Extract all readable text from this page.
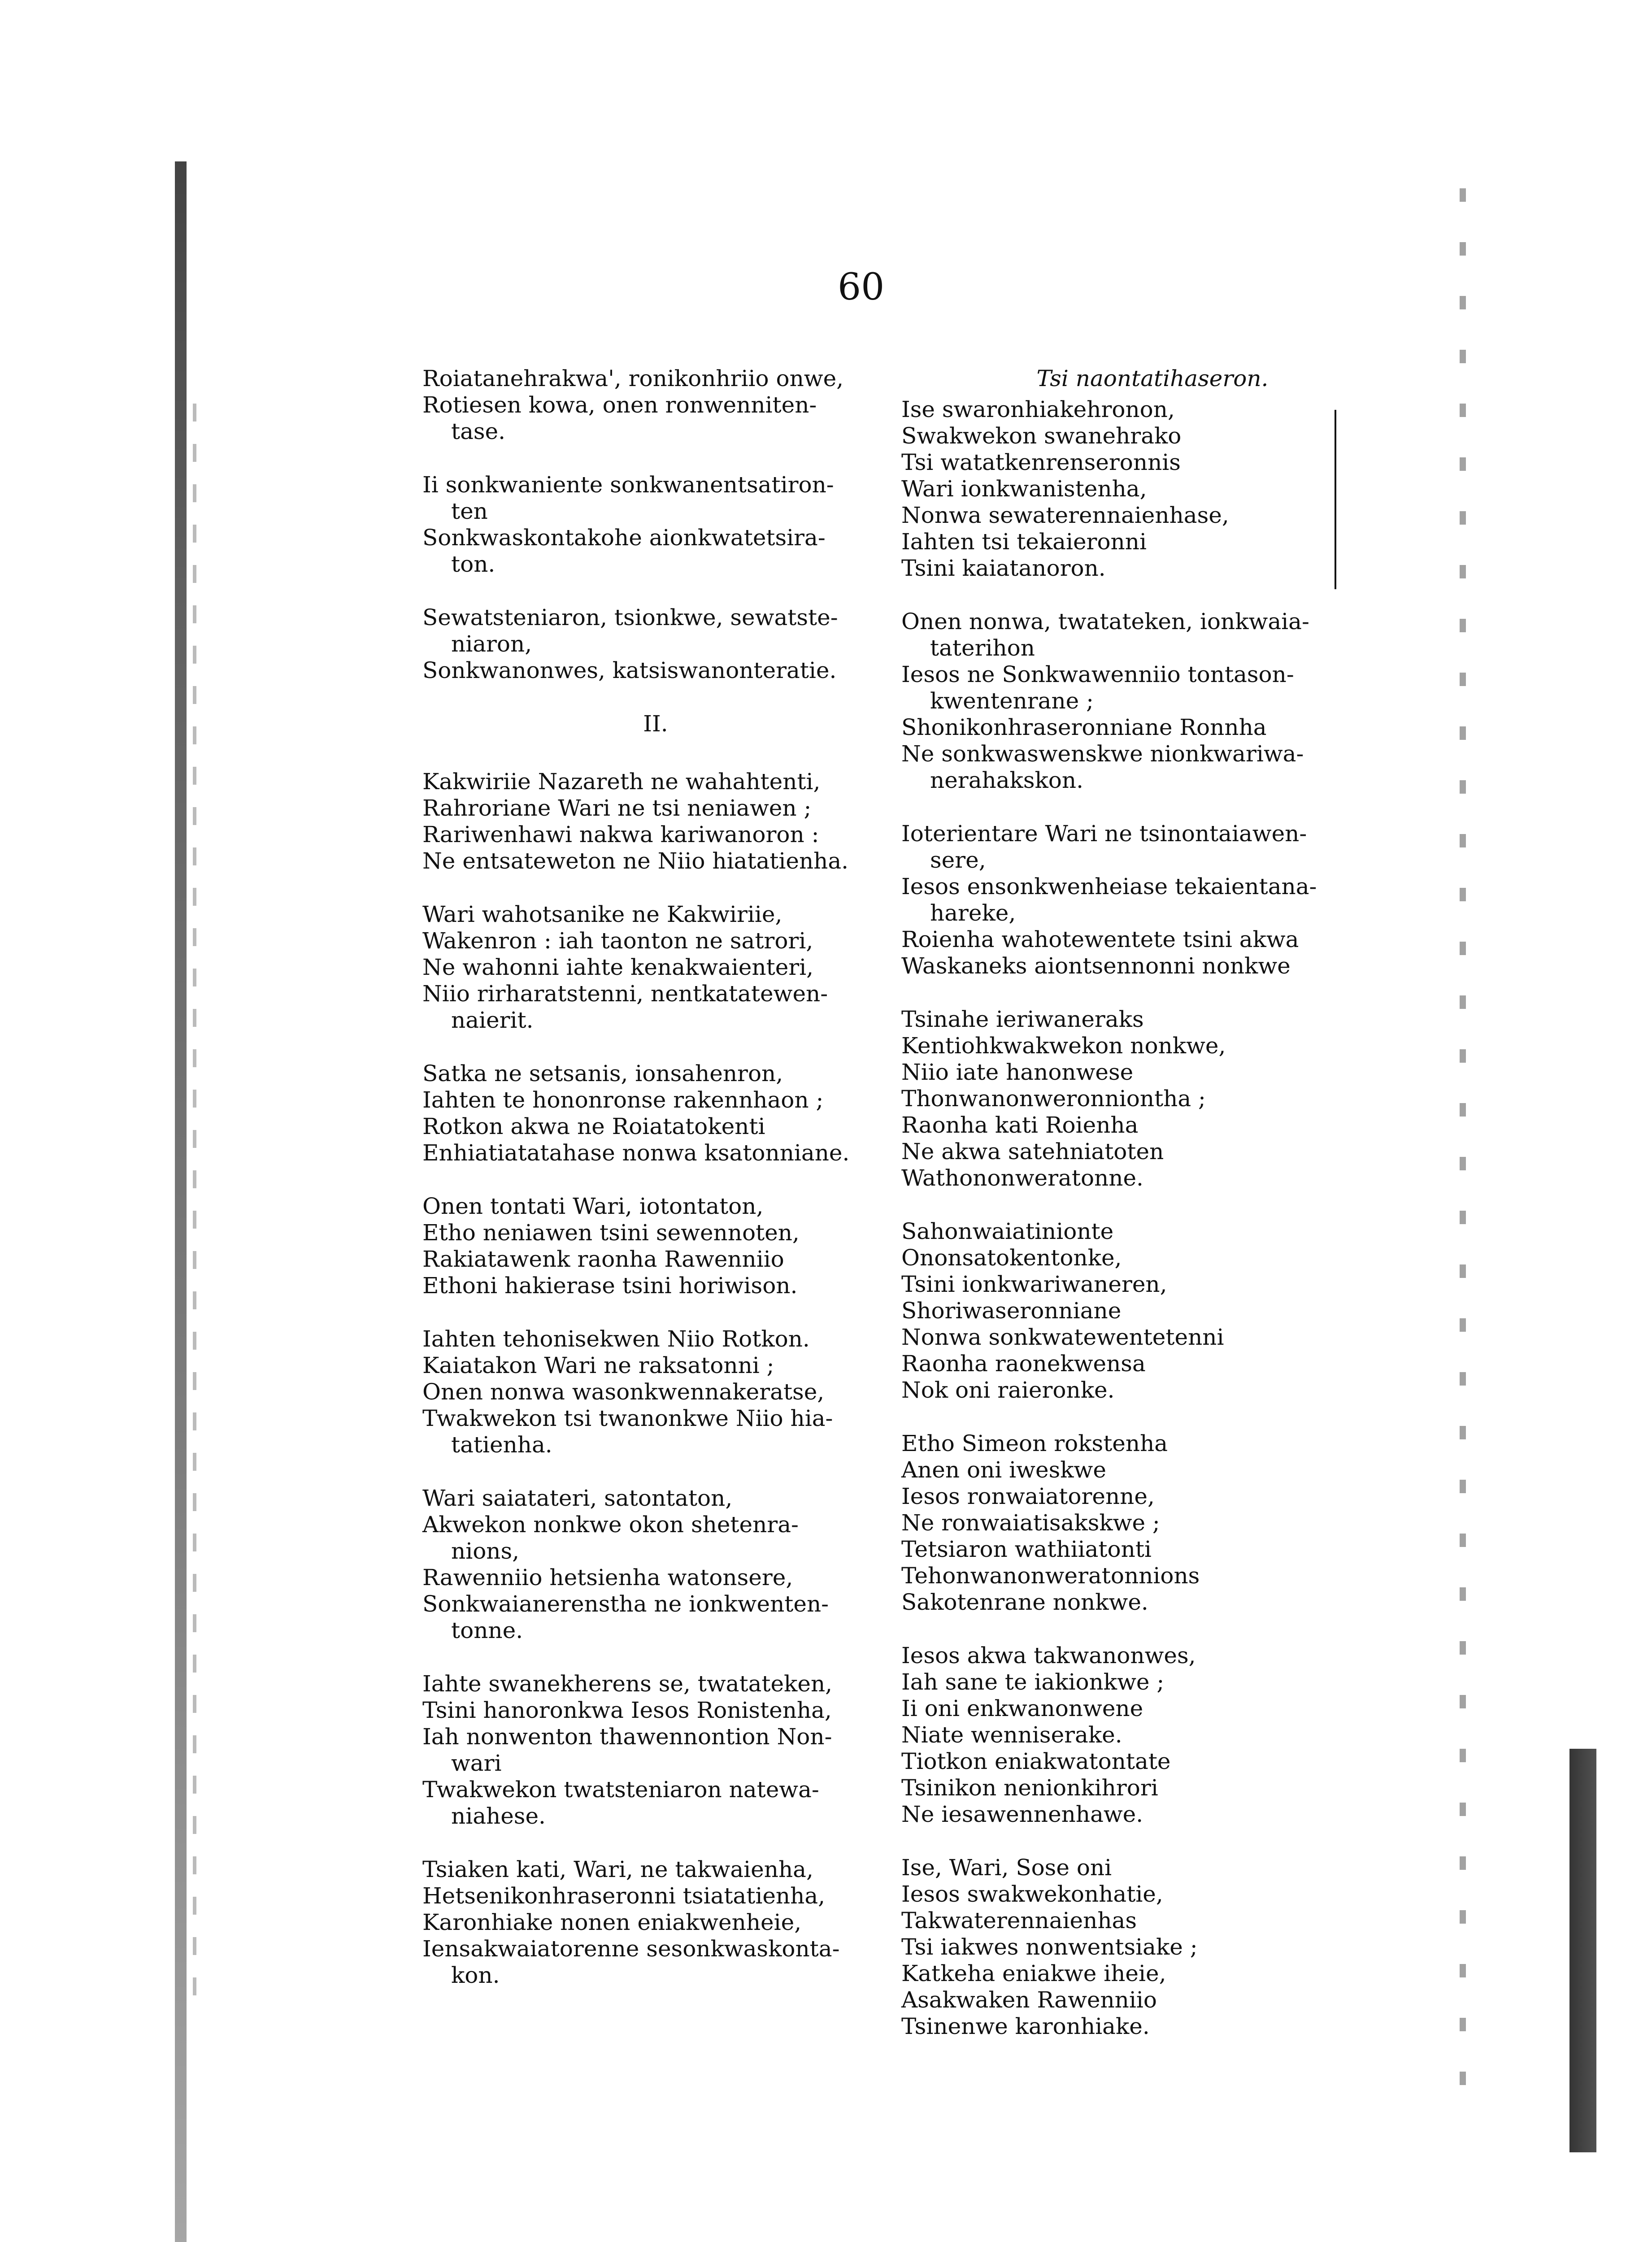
60
Roiatanehrakwa', ronikonhriio onwe,
Rotiesen kowa, onen ronwenniten-
tase.
Ii sonkwaniente sonkwanentsatiron-
ten
Sonkwaskontakohe aionkwatetsira-
ton.
Sewatsteniaron, tsionkwe, sewatste-
niaron,
Sonkwanonwes, katsiswanonteratie.
II.
Kakwiriie Nazareth ne wahahtenti,
Rahroriane Wari ne tsi neniawen ;
Rariwenhawi nakwa kariwanoron :
Ne entsateweton ne Niio hiatatienha.
Wari wahotsanike ne Kakwiriie,
Wakenron : iah taonton ne satrori,
Ne wahonni iahte kenakwaienteri,
Niio rirharatstenni, nentkatatewen-
naierit.
Satka ne setsanis, ionsahenron,
Iahten te hononronse rakennhaon ;
Rotkon akwa ne Roiatatokenti
Enhiatiatatahase nonwa ksatonniane.
Onen tontati Wari, iotontaton,
Etho neniawen tsini sewennoten,
Rakiatawenk raonha Rawenniio
Ethoni hakierase tsini horiwison.
Iahten tehonisekwen Niio Rotkon.
Kaiatakon Wari ne raksatonni ;
Onen nonwa wasonkwennakeratse,
Twakwekon tsi twanonkwe Niio hia-
tatienha.
Wari saiatateri, satontaton,
Akwekon nonkwe okon shetenra-
nions,
Rawenniio hetsienha watonsere,
Sonkwaianerenstha ne ionkwenten-
tonne.
Iahte swanekherens se, twatateken,
Tsini hanoronkwa Iesos Ronistenha,
Iah nonwenton thawennontion Non-
wari
Twakwekon twatsteniaron natewa-
niahese.
Tsiaken kati, Wari, ne takwaienha,
Hetsenikonhraseronni tsiatatienha,
Karonhiake nonen eniakwenheie,
Iensakwaiatorenne sesonkwaskonta-
kon.
Tsi naontatihaseron.
Ise swaronhiakehronon,
Swakwekon swanehrako
Tsi watatkenrenseronnis
Wari ionkwanistenha,
Nonwa sewaterennaienhase,
Iahten tsi tekaieronni
Tsini kaiatanoron.
Onen nonwa, twatateken, ionkwaia-
taterihon
Iesos ne Sonkwawenniio tontason-
kwentenrane ;
Shonikonhraseronniane Ronnha
Ne sonkwaswenskwe nionkwariwa-
nerahakskon.
Ioterientare Wari ne tsinontaiawen-
sere,
Iesos ensonkwenheiase tekaientana-
hareke,
Roienha wahotewentete tsini akwa
Waskaneks aiontsennonni nonkwe
Tsinahe ieriwaneraks
Kentiohkwakwekon nonkwe,
Niio iate hanonwese
Thonwanonweronniontha ;
Raonha kati Roienha
Ne akwa satehniatoten
Wathononweratonne.
Sahonwaiatinionte
Ononsatokentonke,
Tsini ionkwariwaneren,
Shoriwaseronniane
Nonwa sonkwatewentetenni
Raonha raonekwensa
Nok oni raieronke.
Etho Simeon rokstenha
Anen oni iweskwe
Iesos ronwaiatorenne,
Ne ronwaiatisakskwe ;
Tetsiaron wathiiatonti
Tehonwanonweratonnions
Sakotenrane nonkwe.
Iesos akwa takwanonwes,
Iah sane te iakionkwe ;
Ii oni enkwanonwene
Niate wenniserake.
Tiotkon eniakwatontate
Tsinikon nenionkihrori
Ne iesawennenhawe.
Ise, Wari, Sose oni
Iesos swakwekonhatie,
Takwaterennaienhas
Tsi iakwes nonwentsiake ;
Katkeha eniakwe iheie,
Asakwaken Rawenniio
Tsinenwe karonhiake.
